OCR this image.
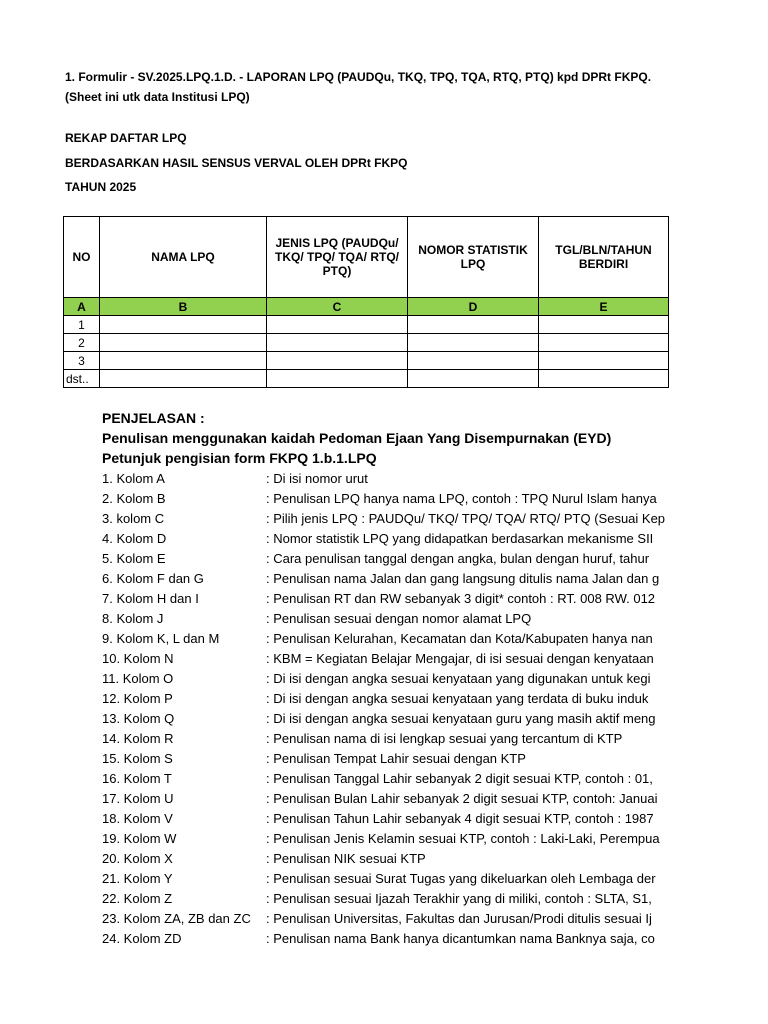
1. Formulir - SV.2025.LPQ.1.D. - LAPORAN LPQ (PAUDQu, TKQ, TPQ, TQA, RTQ, PTQ) kpd DPRt FKPQ.
(Sheet ini utk data Institusi LPQ)
REKAP DAFTAR LPQ
BERDASARKAN HASIL SENSUS VERVAL OLEH DPRt FKPQ
TAHUN 2025
NO	NAMA LPQ	JENIS LPQ (PAUDQu/ TKQ/ TPQ/ TQA/ RTQ/ PTQ)	NOMOR STATISTIK LPQ	TGL/BLN/TAHUN BERDIRI
A	B	C	D	E
1				
2				
3				
dst..				
PENJELASAN :
Penulisan menggunakan kaidah Pedoman Ejaan Yang Disempurnakan (EYD)
Petunjuk pengisian form FKPQ 1.b.1.LPQ
1. Kolom A	: Di isi nomor urut
2. Kolom B	: Penulisan LPQ hanya nama LPQ, contoh : TPQ Nurul Islam hanya
3. kolom C	: Pilih jenis LPQ : PAUDQu/ TKQ/ TPQ/ TQA/ RTQ/ PTQ (Sesuai Kep
4. Kolom D	: Nomor statistik LPQ yang didapatkan berdasarkan mekanisme SII
5. Kolom E	: Cara penulisan tanggal dengan angka, bulan dengan huruf, tahur
6. Kolom F dan G	: Penulisan nama Jalan dan gang langsung ditulis nama Jalan dan g
7. Kolom H dan I	: Penulisan RT dan RW sebanyak 3 digit* contoh : RT. 008 RW. 012
8. Kolom J	: Penulisan sesuai dengan nomor alamat LPQ
9. Kolom K, L dan M	: Penulisan Kelurahan, Kecamatan dan Kota/Kabupaten hanya nan
10. Kolom N	: KBM = Kegiatan Belajar Mengajar, di isi sesuai dengan kenyataan
11. Kolom O	: Di isi dengan angka sesuai kenyataan yang digunakan untuk kegi
12. Kolom P	: Di isi dengan angka sesuai kenyataan yang terdata di buku induk
13. Kolom Q	: Di isi dengan angka sesuai kenyataan guru yang masih aktif meng
14. Kolom R	: Penulisan nama di isi lengkap sesuai yang tercantum di KTP
15. Kolom S	: Penulisan Tempat Lahir sesuai dengan KTP
16. Kolom T	: Penulisan Tanggal Lahir sebanyak 2 digit sesuai KTP, contoh : 01,
17. Kolom U	: Penulisan Bulan Lahir sebanyak 2 digit sesuai KTP, contoh: Januai
18. Kolom V	: Penulisan Tahun Lahir sebanyak 4 digit sesuai KTP, contoh : 1987
19. Kolom W	: Penulisan Jenis Kelamin sesuai KTP, contoh : Laki-Laki, Perempua
20. Kolom X	: Penulisan NIK sesuai KTP
21. Kolom Y	: Penulisan sesuai Surat Tugas yang dikeluarkan oleh Lembaga der
22. Kolom Z	: Penulisan sesuai Ijazah Terakhir yang di miliki, contoh : SLTA, S1,
23. Kolom ZA, ZB dan ZC : Penulisan Universitas, Fakultas dan Jurusan/Prodi ditulis sesuai Ij
24. Kolom ZD	: Penulisan nama Bank hanya dicantumkan nama Banknya saja, co
